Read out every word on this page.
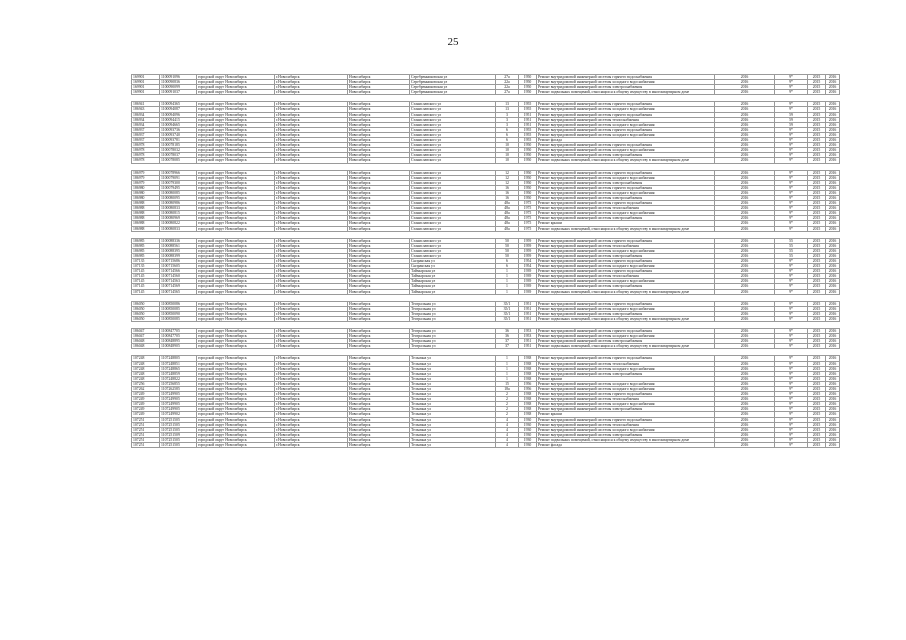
25
169901	1100091096	городской округ Новосибирск	г.Новосибирск	Новосибирск	Серебренниковская ул	27а	1950	Ремонт внутридомовой инженерной системы горячего водоснабжения	2016	9*	2015	2016
169901	1100090836	городской округ Новосибирск	г.Новосибирск	Новосибирск	Серебренниковская ул	22а	1950	Ремонт внутридомовой инженерной системы холодного водоснабжения	2016	9*	2015	2016
169901	1100090099	городской округ Новосибирск	г.Новосибирск	Новосибирск	Серебренниковская ул	22а	1950	Ремонт внутридомовой инженерной системы электроснабжения	2016	9*	2015	2016
169901	1100091037	городской округ Новосибирск	г.Новосибирск	Новосибирск	Серебренниковская ул	27а	1950	Ремонт подвальных помещений, относящихся к общему имуществу в многоквартирном доме	2016	9*	2015	2016

186941	1100094365	городской округ Новосибирск	г.Новосибирск	Новосибирск	Станиславского ул	13	1955	Ремонт внутридомовой инженерной системы горячего водоснабжения	2016	9*	2015	2016
186943	1100094087	городской округ Новосибирск	г.Новосибирск	Новосибирск	Станиславского ул	13	1955	Ремонт внутридомовой инженерной системы холодного водоснабжения	2016	9*	2015	2016
186934	1100094096	городской округ Новосибирск	г.Новосибирск	Новосибирск	Станиславского ул	3	1951	Ремонт внутридомовой инженерной системы горячего водоснабжения	2016	59	2015	2016
186934	1100094415	городской округ Новосибирск	г.Новосибирск	Новосибирск	Станиславского ул	3	1951	Ремонт внутридомовой инженерной системы теплоснабжения	2016	59	2015	2016
186934	1100094665	городской округ Новосибирск	г.Новосибирск	Новосибирск	Станиславского ул	3	1951	Ремонт внутридомовой инженерной системы холодного водоснабжения	2016	59	2015	2016
186937	1100093736	городской округ Новосибирск	г.Новосибирск	Новосибирск	Станиславского ул	6	1955	Ремонт внутридомовой инженерной системы горячего водоснабжения	2016	9*	2015	2016
186937	1100093740	городской округ Новосибирск	г.Новосибирск	Новосибирск	Станиславского ул	6	1955	Ремонт внутридомовой инженерной системы холодного водоснабжения	2016	9*	2015	2016
186937	1100093781	городской округ Новосибирск	г.Новосибирск	Новосибирск	Станиславского ул	6	1955	Ремонт фасада	2016	9*	2015	2016
186978	1100078185	городской округ Новосибирск	г.Новосибирск	Новосибирск	Станиславского ул	10	1950	Ремонт внутридомовой инженерной системы горячего водоснабжения	2016	9*	2015	2016
186978	1100078032	городской округ Новосибирск	г.Новосибирск	Новосибирск	Станиславского ул	10	1950	Ремонт внутридомовой инженерной системы холодного водоснабжения	2016	9*	2015	2016
186978	1100078037	городской округ Новосибирск	г.Новосибирск	Новосибирск	Станиславского ул	10	1950	Ремонт внутридомовой инженерной системы электроснабжения	2016	9*	2015	2016
186978	1100078085	городской округ Новосибирск	г.Новосибирск	Новосибирск	Станиславского ул	10	1950	Ремонт подвальных помещений, относящихся к общему имуществу в многоквартирном доме	2016	9*	2015	2016

186979	1100078966	городской округ Новосибирск	г.Новосибирск	Новосибирск	Станиславского ул	12	1950	Ремонт внутридомовой инженерной системы горячего водоснабжения	2016	9*	2015	2016
186979	1100079091	городской округ Новосибирск	г.Новосибирск	Новосибирск	Станиславского ул	12	1950	Ремонт внутридомовой инженерной системы холодного водоснабжения	2016	9*	2015	2016
186979	1100079300	городской округ Новосибирск	г.Новосибирск	Новосибирск	Станиславского ул	12	1950	Ремонт внутридомовой инженерной системы электроснабжения	2016	9*	2015	2016
186980	1100079495	городской округ Новосибирск	г.Новосибирск	Новосибирск	Станиславского ул	16	1950	Ремонт внутридомовой инженерной системы горячего водоснабжения	2016	9*	2015	2016
186980	1100080085	городской округ Новосибирск	г.Новосибирск	Новосибирск	Станиславского ул	16	1950	Ремонт внутридомовой инженерной системы холодного водоснабжения	2016	9*	2015	2016
186980	1100080095	городской округ Новосибирск	г.Новосибирск	Новосибирск	Станиславского ул	16	1950	Ремонт внутридомовой инженерной системы электроснабжения	2016	9*	2015	2016
186988	1100080986	городской округ Новосибирск	г.Новосибирск	Новосибирск	Станиславского ул	48а	1975	Ремонт внутридомовой инженерной системы горячего водоснабжения	2016	9*	2015	2016
186988	1100080833	городской округ Новосибирск	г.Новосибирск	Новосибирск	Станиславского ул	48а	1975	Ремонт внутридомовой инженерной системы теплоснабжения	2016	9*	2015	2016
186988	1100080815	городской округ Новосибирск	г.Новосибирск	Новосибирск	Станиславского ул	48а	1975	Ремонт внутридомовой инженерной системы холодного водоснабжения	2016	9*	2015	2016
186988	1100080969	городской округ Новосибирск	г.Новосибирск	Новосибирск	Станиславского ул	48а	1975	Ремонт внутридомовой инженерной системы электроснабжения	2016	9*	2015	2016
186988	1100080822	городской округ Новосибирск	г.Новосибирск	Новосибирск	Станиславского ул	48а	1975	Ремонт крыши	2016	9*	2015	2016
186988	1100080833	городской округ Новосибирск	г.Новосибирск	Новосибирск	Станиславского ул	48а	1975	Ремонт подвальных помещений, относящихся к общему имуществу в многоквартирном доме	2016	9*	2015	2016

186985	1100088336	городской округ Новосибирск	г.Новосибирск	Новосибирск	Станиславского ул	50	1959	Ремонт внутридомовой инженерной системы горячего водоснабжения	2016	55	2015	2016
186985	1100088561	городской округ Новосибирск	г.Новосибирск	Новосибирск	Станиславского ул	50	1959	Ремонт внутридомовой инженерной системы теплоснабжения	2016	55	2015	2016
186985	1100088395	городской округ Новосибирск	г.Новосибирск	Новосибирск	Станиславского ул	50	1959	Ремонт внутридомовой инженерной системы холодного водоснабжения	2016	55	2015	2016
186985	1100088399	городской округ Новосибирск	г.Новосибирск	Новосибирск	Станиславского ул	50	1959	Ремонт внутридомовой инженерной системы электроснабжения	2016	55	2015	2016
107135	1100715686	городской округ Новосибирск	г.Новосибирск	Новосибирск	Сызранская ул	6	1954	Ремонт внутридомовой инженерной системы горячего водоснабжения	2016	9*	2015	2016
107135	1100715605	городской округ Новосибирск	г.Новосибирск	Новосибирск	Сызранская ул	6	1954	Ремонт внутридомовой инженерной системы холодного водоснабжения	2016	9*	2015	2016
107145	1100714566	городской округ Новосибирск	г.Новосибирск	Новосибирск	Таймырская ул	1	1939	Ремонт внутридомовой инженерной системы горячего водоснабжения	2016	9*	2015	2016
107145	1100714560	городской округ Новосибирск	г.Новосибирск	Новосибирск	Таймырская ул	1	1939	Ремонт внутридомовой инженерной системы теплоснабжения	2016	9*	2015	2016
107145	1100714563	городской округ Новосибирск	г.Новосибирск	Новосибирск	Таймырская ул	1	1939	Ремонт внутридомовой инженерной системы холодного водоснабжения	2016	9*	2015	2016
107145	1100714569	городской округ Новосибирск	г.Новосибирск	Новосибирск	Таймырская ул	1	1939	Ремонт внутридомовой инженерной системы электроснабжения	2016	9*	2015	2016
107145	1100714565	городской округ Новосибирск	г.Новосибирск	Новосибирск	Таймырская ул	1	1939	Ремонт подвальных помещений, относящихся к общему имуществу в многоквартирном доме	2016	9*	2015	2016

186050	1100850086	городской округ Новосибирск	г.Новосибирск	Новосибирск	Театральная ул	35/1	1951	Ремонт внутридомовой инженерной системы горячего водоснабжения	2016	9*	2015	2016
186050	1100850085	городской округ Новосибирск	г.Новосибирск	Новосибирск	Театральная ул	35/1	1951	Ремонт внутридомовой инженерной системы холодного водоснабжения	2016	9*	2015	2016
186050	1100850090	городской округ Новосибирск	г.Новосибирск	Новосибирск	Театральная ул	35/1	1951	Ремонт внутридомовой инженерной системы электроснабжения	2016	9*	2015	2016
186050	1100850085	городской округ Новосибирск	г.Новосибирск	Новосибирск	Театральная ул	35/1	1951	Ремонт подвальных помещений, относящихся к общему имуществу в многоквартирном доме	2016	9*	2015	2016

186047	1100847705	городской округ Новосибирск	г.Новосибирск	Новосибирск	Театральная ул	36	1953	Ремонт внутридомовой инженерной системы горячего водоснабжения	2016	9*	2015	2016
186047	1100847705	городской округ Новосибирск	г.Новосибирск	Новосибирск	Театральная ул	36	1953	Ремонт внутридомовой инженерной системы холодного водоснабжения	2016	9*	2015	2016
186048	1100848895	городской округ Новосибирск	г.Новосибирск	Новосибирск	Театральная ул	37	1951	Ремонт внутридомовой инженерной системы электроснабжения	2016	9*	2015	2016
186048	1100848905	городской округ Новосибирск	г.Новосибирск	Новосибирск	Театральная ул	37	1951	Ремонт подвальных помещений, относящихся к общему имуществу в многоквартирном доме	2016	9*	2015	2016

107248	1107248805	городской округ Новосибирск	г.Новосибирск	Новосибирск	Тельмана ул	1	1938	Ремонт внутридомовой инженерной системы горячего водоснабжения	2016	9*	2015	2016
107248	1107248851	городской округ Новосибирск	г.Новосибирск	Новосибирск	Тельмана ул	1	1938	Ремонт внутридомовой инженерной системы теплоснабжения	2016	9*	2015	2016
107248	1107248865	городской округ Новосибирск	г.Новосибирск	Новосибирск	Тельмана ул	1	1938	Ремонт внутридомовой инженерной системы холодного водоснабжения	2016	9*	2015	2016
107248	1107248859	городской округ Новосибирск	г.Новосибирск	Новосибирск	Тельмана ул	1	1938	Ремонт внутридомовой инженерной системы электроснабжения	2016	9*	2015	2016
107248	1107248822	городской округ Новосибирск	г.Новосибирск	Новосибирск	Тельмана ул	1	1938	Ремонт крыши	2016	9*	2015	2016
107256	1107256855	городской округ Новосибирск	г.Новосибирск	Новосибирск	Тельмана ул	15	1956	Ремонт внутридомовой инженерной системы холодного водоснабжения	2016	9*	2015	2016
107262	1107262585	городской округ Новосибирск	г.Новосибирск	Новосибирск	Тельмана ул	18а	1956	Ремонт внутридомовой инженерной системы холодного водоснабжения	2016	9*	2015	2016
107249	1107249905	городской округ Новосибирск	г.Новосибирск	Новосибирск	Тельмана ул	2	1938	Ремонт внутридомовой инженерной системы горячего водоснабжения	2016	9*	2015	2016
107249	1107249905	городской округ Новосибирск	г.Новосибирск	Новосибирск	Тельмана ул	2	1938	Ремонт внутридомовой инженерной системы теплоснабжения	2016	9*	2015	2016
107249	1107249905	городской округ Новосибирск	г.Новосибирск	Новосибирск	Тельмана ул	2	1938	Ремонт внутридомовой инженерной системы холодного водоснабжения	2016	9*	2015	2016
107249	1107249905	городской округ Новосибирск	г.Новосибирск	Новосибирск	Тельмана ул	2	1938	Ремонт внутридомовой инженерной системы электроснабжения	2016	9*	2015	2016
107249	1107249902	городской округ Новосибирск	г.Новосибирск	Новосибирск	Тельмана ул	2	1938	Ремонт крыши	2016	9*	2015	2016
107251	1107251505	городской округ Новосибирск	г.Новосибирск	Новосибирск	Тельмана ул	4	1930	Ремонт внутридомовой инженерной системы горячего водоснабжения	2016	9*	2015	2016
107251	1107251505	городской округ Новосибирск	г.Новосибирск	Новосибирск	Тельмана ул	4	1930	Ремонт внутридомовой инженерной системы теплоснабжения	2016	9*	2015	2016
107251	1107251505	городской округ Новосибирск	г.Новосибирск	Новосибирск	Тельмана ул	4	1930	Ремонт внутридомовой инженерной системы холодного водоснабжения	2016	9*	2015	2016
107251	1107251509	городской округ Новосибирск	г.Новосибирск	Новосибирск	Тельмана ул	4	1930	Ремонт внутридомовой инженерной системы электроснабжения	2016	9*	2015	2016
107251	1107251505	городской округ Новосибирск	г.Новосибирск	Новосибирск	Тельмана ул	4	1930	Ремонт подвальных помещений, относящихся к общему имуществу в многоквартирном доме	2016	9*	2015	2016
107251	1107251505	городской округ Новосибирск	г.Новосибирск	Новосибирск	Тельмана ул	4	1930	Ремонт фасада	2016	9*	2015	2016
